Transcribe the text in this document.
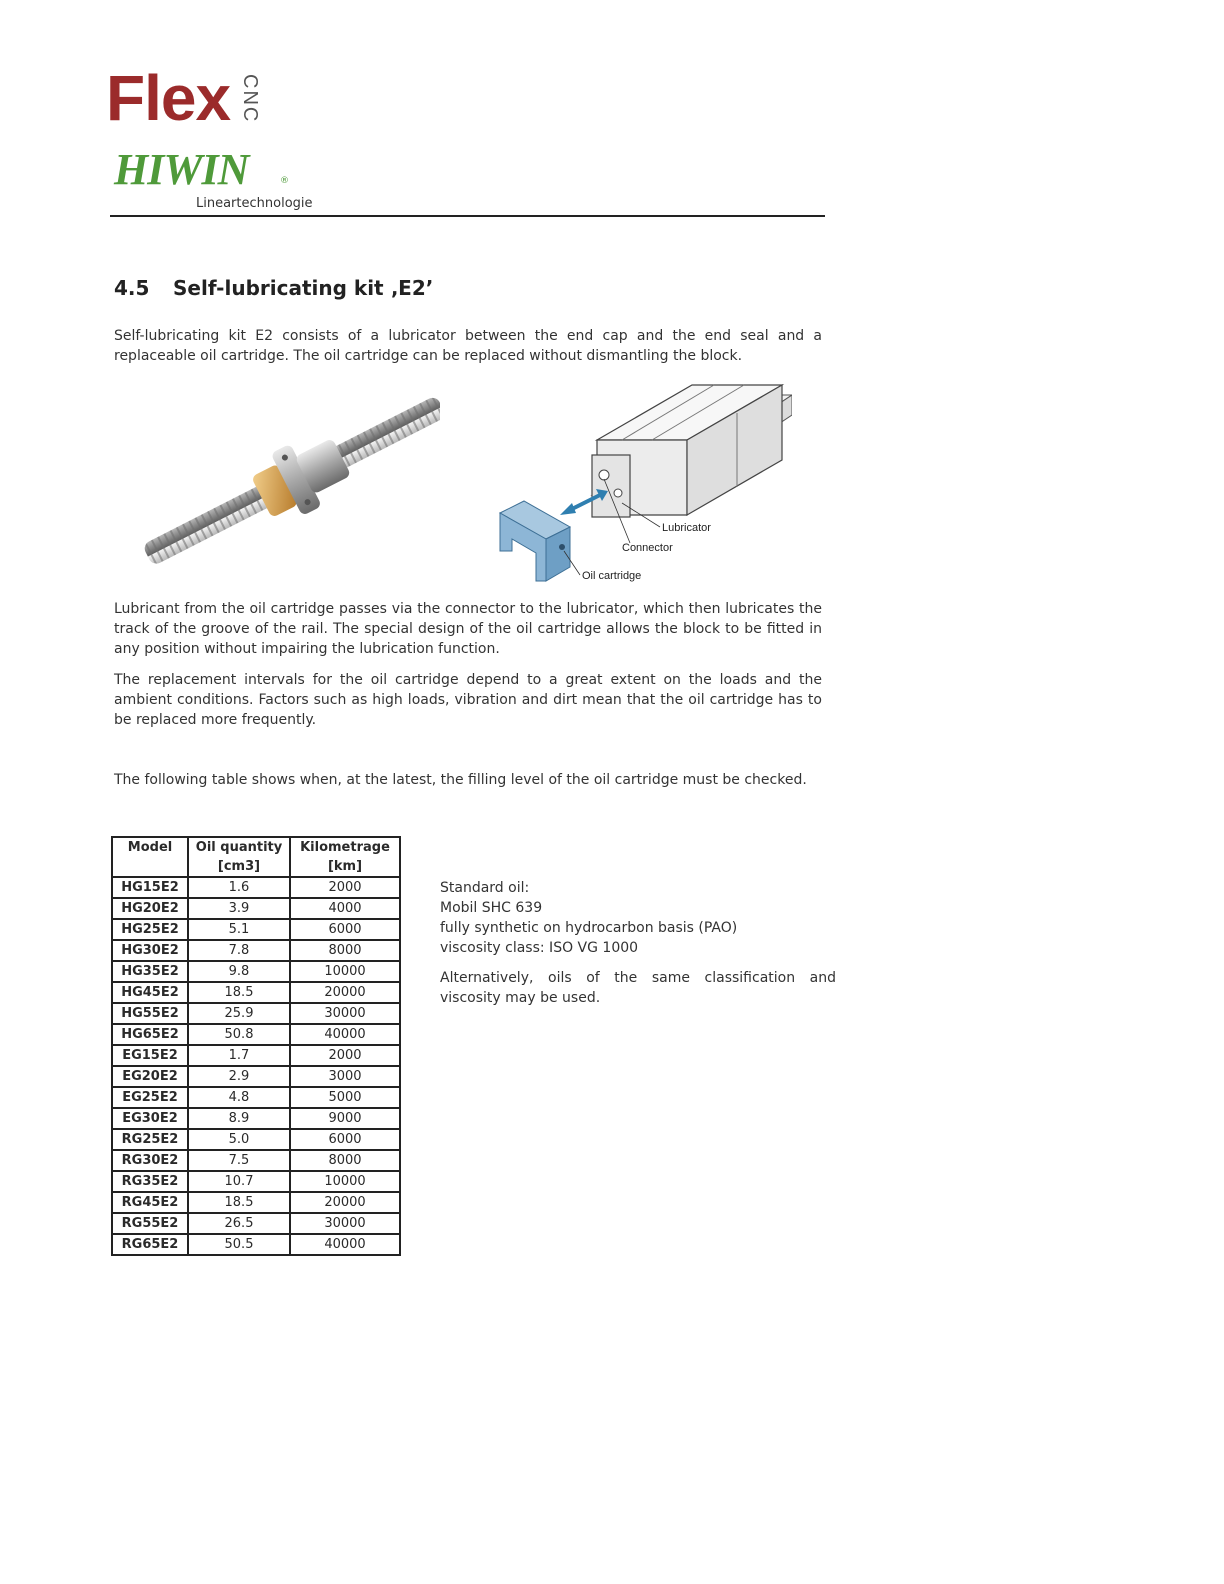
Flex CNC
HIWIN	®
Lineartechnologie
4.5 Self-lubricating kit ‚E2’
Self-lubricating kit E2 consists of a lubricator between the end cap and the end seal and a replaceable oil cartridge. The oil cartridge can be replaced without dismantling the block.
Lubricator
Connector
Oil cartridge
Lubricant from the oil cartridge passes via the connector to the lubricator, which then lubricates the track of the groove of the rail. The special design of the oil cartridge allows the block to be fitted in any position without impairing the lubrication function.
The replacement intervals for the oil cartridge depend to a great extent on the loads and the ambient conditions. Factors such as high loads, vibration and dirt mean that the oil cartridge has to be replaced more frequently.
The following table shows when, at the latest, the filling level of the oil cartridge must be checked.
Model	Oil quantity	Kilometrage
	[cm3]	[km]
HG15E2	1.6	2000
HG20E2	3.9	4000
HG25E2	5.1	6000
HG30E2	7.8	8000
HG35E2	9.8	10000
HG45E2	18.5	20000
HG55E2	25.9	30000
HG65E2	50.8	40000
EG15E2	1.7	2000
EG20E2	2.9	3000
EG25E2	4.8	5000
EG30E2	8.9	9000
RG25E2	5.0	6000
RG30E2	7.5	8000
RG35E2	10.7	10000
RG45E2	18.5	20000
RG55E2	26.5	30000
RG65E2	50.5	40000

Standard oil:

Mobil SHC 639

fully synthetic on hydrocarbon basis (PAO)

viscosity class: ISO VG 1000

Alternatively, oils of the same classification and viscosity may be used.
